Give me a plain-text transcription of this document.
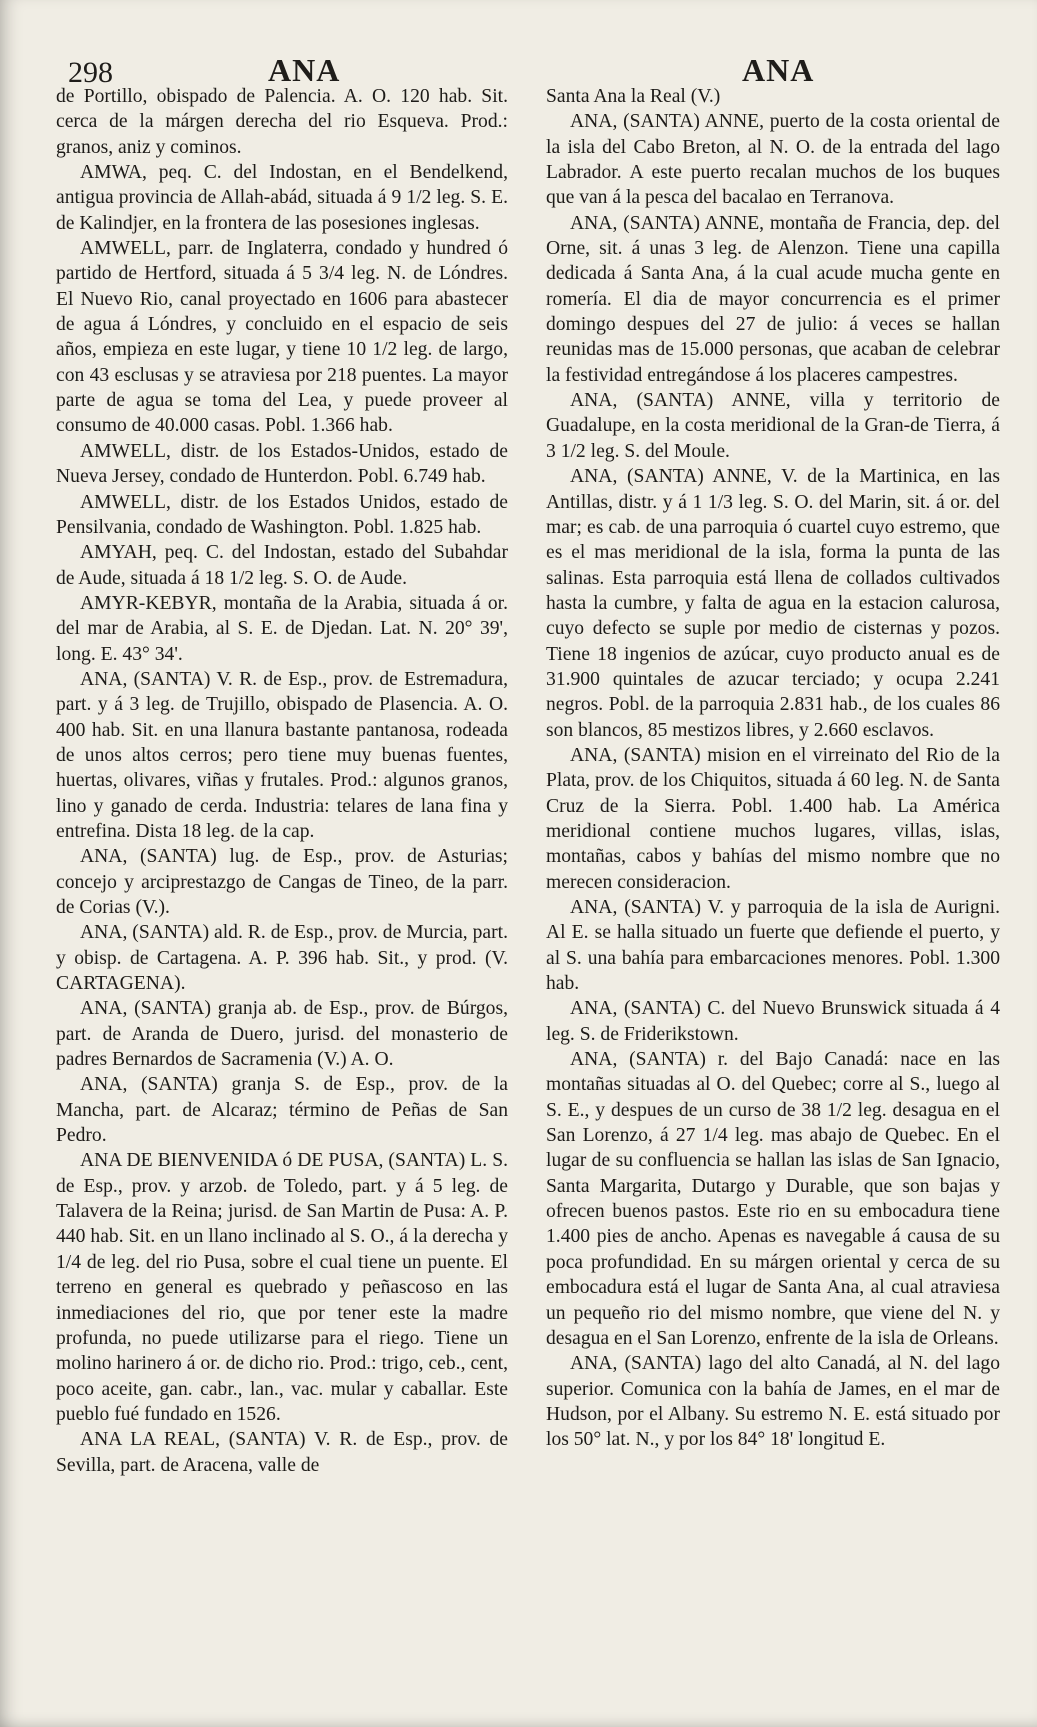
298	ANA	ANA

de Portillo, obispado de Palencia. A. O. 120 hab. Sit. cerca de la márgen derecha del rio Esqueva. Prod.: granos, aniz y cominos.

AMWA, peq. C. del Indostan, en el Bendelkend, antigua provincia de Allah-abád, situada á 9 1/2 leg. S. E. de Kalindjer, en la frontera de las posesiones inglesas.

AMWELL, parr. de Inglaterra, condado y hundred ó partido de Hertford, situada á 5 3/4 leg. N. de Lóndres. El Nuevo Rio, canal proyectado en 1606 para abastecer de agua á Lóndres, y concluido en el espacio de seis años, empieza en este lugar, y tiene 10 1/2 leg. de largo, con 43 esclusas y se atraviesa por 218 puentes. La mayor parte de agua se toma del Lea, y puede proveer al consumo de 40.000 casas. Pobl. 1.366 hab.

AMWELL, distr. de los Estados-Unidos, estado de Nueva Jersey, condado de Hunterdon. Pobl. 6.749 hab.

AMWELL, distr. de los Estados Unidos, estado de Pensilvania, condado de Washington. Pobl. 1.825 hab.

AMYAH, peq. C. del Indostan, estado del Subahdar de Aude, situada á 18 1/2 leg. S. O. de Aude.

AMYR-KEBYR, montaña de la Arabia, situada á or. del mar de Arabia, al S. E. de Djedan. Lat. N. 20° 39', long. E. 43° 34'.

ANA, (SANTA) V. R. de Esp., prov. de Estremadura, part. y á 3 leg. de Trujillo, obispado de Plasencia. A. O. 400 hab. Sit. en una llanura bastante pantanosa, rodeada de unos altos cerros; pero tiene muy buenas fuentes, huertas, olivares, viñas y frutales. Prod.: algunos granos, lino y ganado de cerda. Industria: telares de lana fina y entrefina. Dista 18 leg. de la cap.

ANA, (SANTA) lug. de Esp., prov. de Asturias; concejo y arciprestazgo de Cangas de Tineo, de la parr. de Corias (V.).

ANA, (SANTA) ald. R. de Esp., prov. de Murcia, part. y obisp. de Cartagena. A. P. 396 hab. Sit., y prod. (V. CARTAGENA).

ANA, (SANTA) granja ab. de Esp., prov. de Búrgos, part. de Aranda de Duero, jurisd. del monasterio de padres Bernardos de Sacramenia (V.) A. O.

ANA, (SANTA) granja S. de Esp., prov. de la Mancha, part. de Alcaraz; término de Peñas de San Pedro.

ANA DE BIENVENIDA ó DE PUSA, (SANTA) L. S. de Esp., prov. y arzob. de Toledo, part. y á 5 leg. de Talavera de la Reina; jurisd. de San Martin de Pusa: A. P. 440 hab. Sit. en un llano inclinado al S. O., á la derecha y 1/4 de leg. del rio Pusa, sobre el cual tiene un puente. El terreno en general es quebrado y peñascoso en las inmediaciones del rio, que por tener este la madre profunda, no puede utilizarse para el riego. Tiene un molino harinero á or. de dicho rio. Prod.: trigo, ceb., cent, poco aceite, gan. cabr., lan., vac. mular y caballar. Este pueblo fué fundado en 1526.

ANA LA REAL, (SANTA) V. R. de Esp., prov. de Sevilla, part. de Aracena, valle de

Santa Ana la Real (V.)

ANA, (SANTA) ANNE, puerto de la costa oriental de la isla del Cabo Breton, al N. O. de la entrada del lago Labrador. A este puerto recalan muchos de los buques que van á la pesca del bacalao en Terranova.

ANA, (SANTA) ANNE, montaña de Francia, dep. del Orne, sit. á unas 3 leg. de Alenzon. Tiene una capilla dedicada á Santa Ana, á la cual acude mucha gente en romería. El dia de mayor concurrencia es el primer domingo despues del 27 de julio: á veces se hallan reunidas mas de 15.000 personas, que acaban de celebrar la festividad entregándose á los placeres campestres.

ANA, (SANTA) ANNE, villa y territorio de Guadalupe, en la costa meridional de la Gran-de Tierra, á 3 1/2 leg. S. del Moule.

ANA, (SANTA) ANNE, V. de la Martinica, en las Antillas, distr. y á 1 1/3 leg. S. O. del Marin, sit. á or. del mar; es cab. de una parroquia ó cuartel cuyo estremo, que es el mas meridional de la isla, forma la punta de las salinas. Esta parroquia está llena de collados cultivados hasta la cumbre, y falta de agua en la estacion calurosa, cuyo defecto se suple por medio de cisternas y pozos. Tiene 18 ingenios de azúcar, cuyo producto anual es de 31.900 quintales de azucar terciado; y ocupa 2.241 negros. Pobl. de la parroquia 2.831 hab., de los cuales 86 son blancos, 85 mestizos libres, y 2.660 esclavos.

ANA, (SANTA) mision en el virreinato del Rio de la Plata, prov. de los Chiquitos, situada á 60 leg. N. de Santa Cruz de la Sierra. Pobl. 1.400 hab. La América meridional contiene muchos lugares, villas, islas, montañas, cabos y bahías del mismo nombre que no merecen consideracion.

ANA, (SANTA) V. y parroquia de la isla de Aurigni. Al E. se halla situado un fuerte que defiende el puerto, y al S. una bahía para embarcaciones menores. Pobl. 1.300 hab.

ANA, (SANTA) C. del Nuevo Brunswick situada á 4 leg. S. de Friderikstown.

ANA, (SANTA) r. del Bajo Canadá: nace en las montañas situadas al O. del Quebec; corre al S., luego al S. E., y despues de un curso de 38 1/2 leg. desagua en el San Lorenzo, á 27 1/4 leg. mas abajo de Quebec. En el lugar de su confluencia se hallan las islas de San Ignacio, Santa Margarita, Dutargo y Durable, que son bajas y ofrecen buenos pastos. Este rio en su embocadura tiene 1.400 pies de ancho. Apenas es navegable á causa de su poca profundidad. En su márgen oriental y cerca de su embocadura está el lugar de Santa Ana, al cual atraviesa un pequeño rio del mismo nombre, que viene del N. y desagua en el San Lorenzo, enfrente de la isla de Orleans.

ANA, (SANTA) lago del alto Canadá, al N. del lago superior. Comunica con la bahía de James, en el mar de Hudson, por el Albany. Su estremo N. E. está situado por los 50° lat. N., y por los 84° 18' longitud E.
